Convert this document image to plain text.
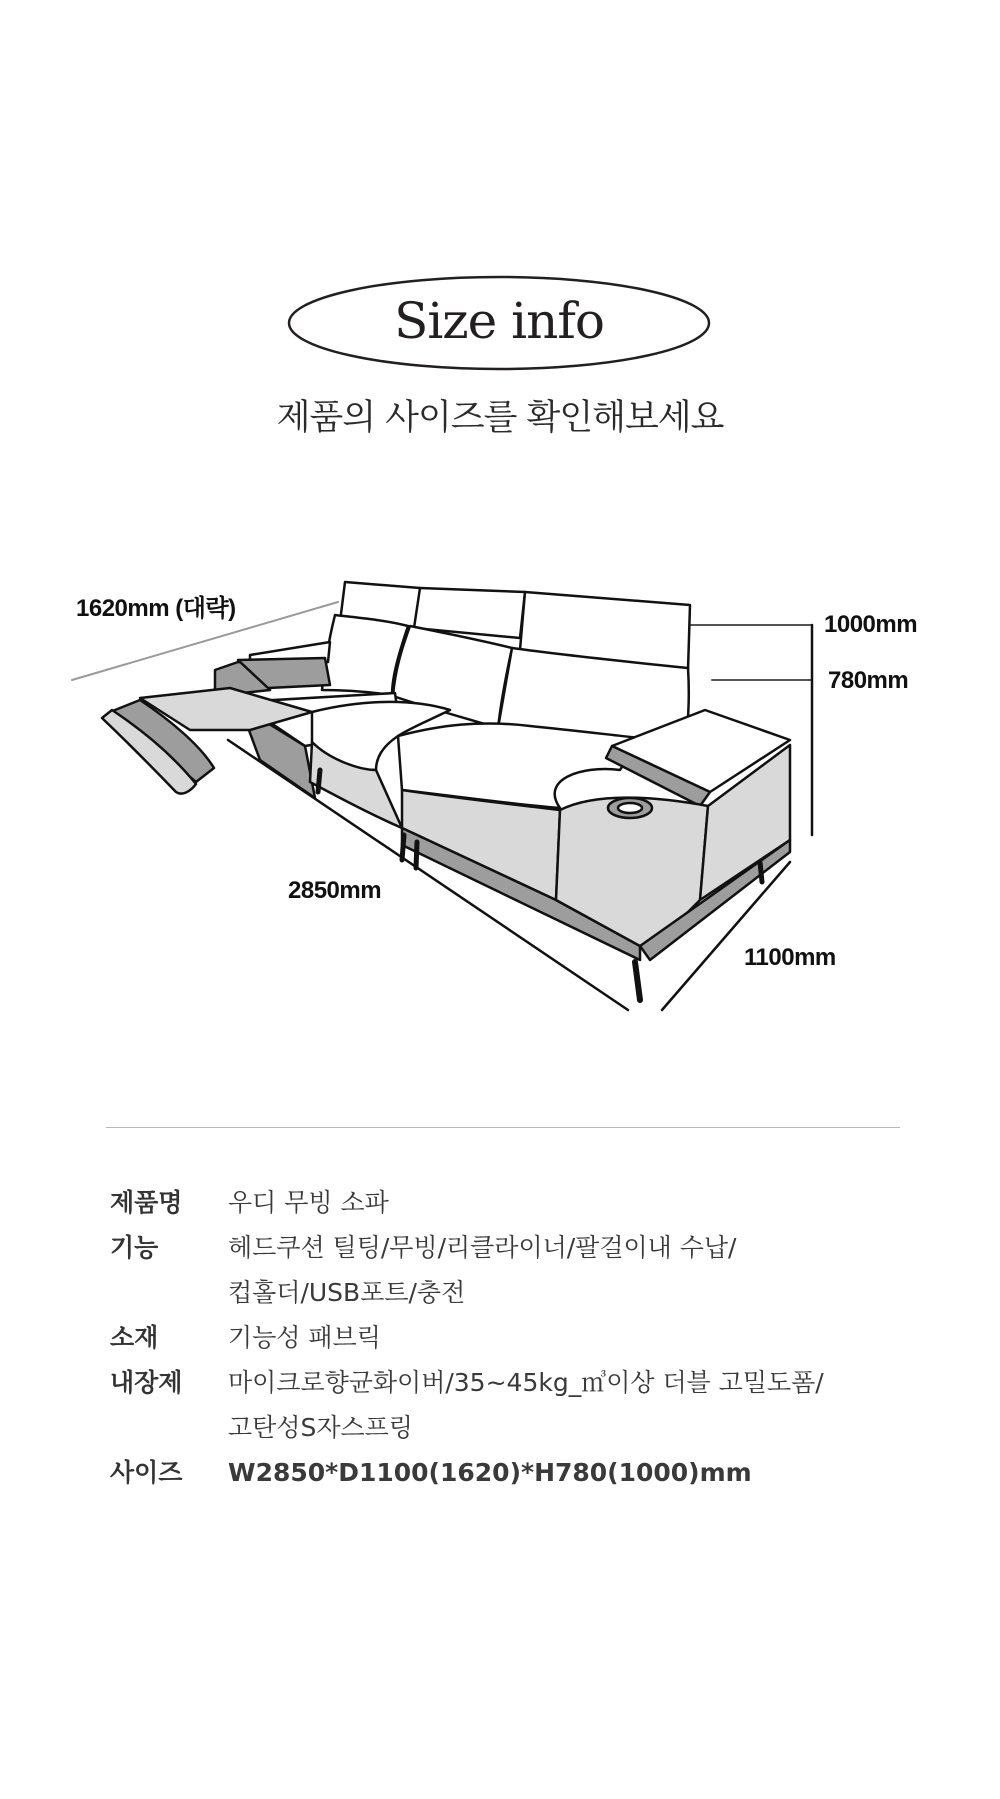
Size info
제품의 사이즈를 확인해보세요
1620mm (대략)
1000mm
780mm
2850mm
1100mm
제품명	우디 무빙 소파
기능	헤드쿠션 틸팅/무빙/리클라이너/팔걸이내 수납/
컵홀더/USB포트/충전
소재	기능성 패브릭
내장제	마이크로향균화이버/35~45kg_㎥이상 더블 고밀도폼/
고탄성S자스프링
사이즈	W2850*D1100(1620)*H780(1000)mm
